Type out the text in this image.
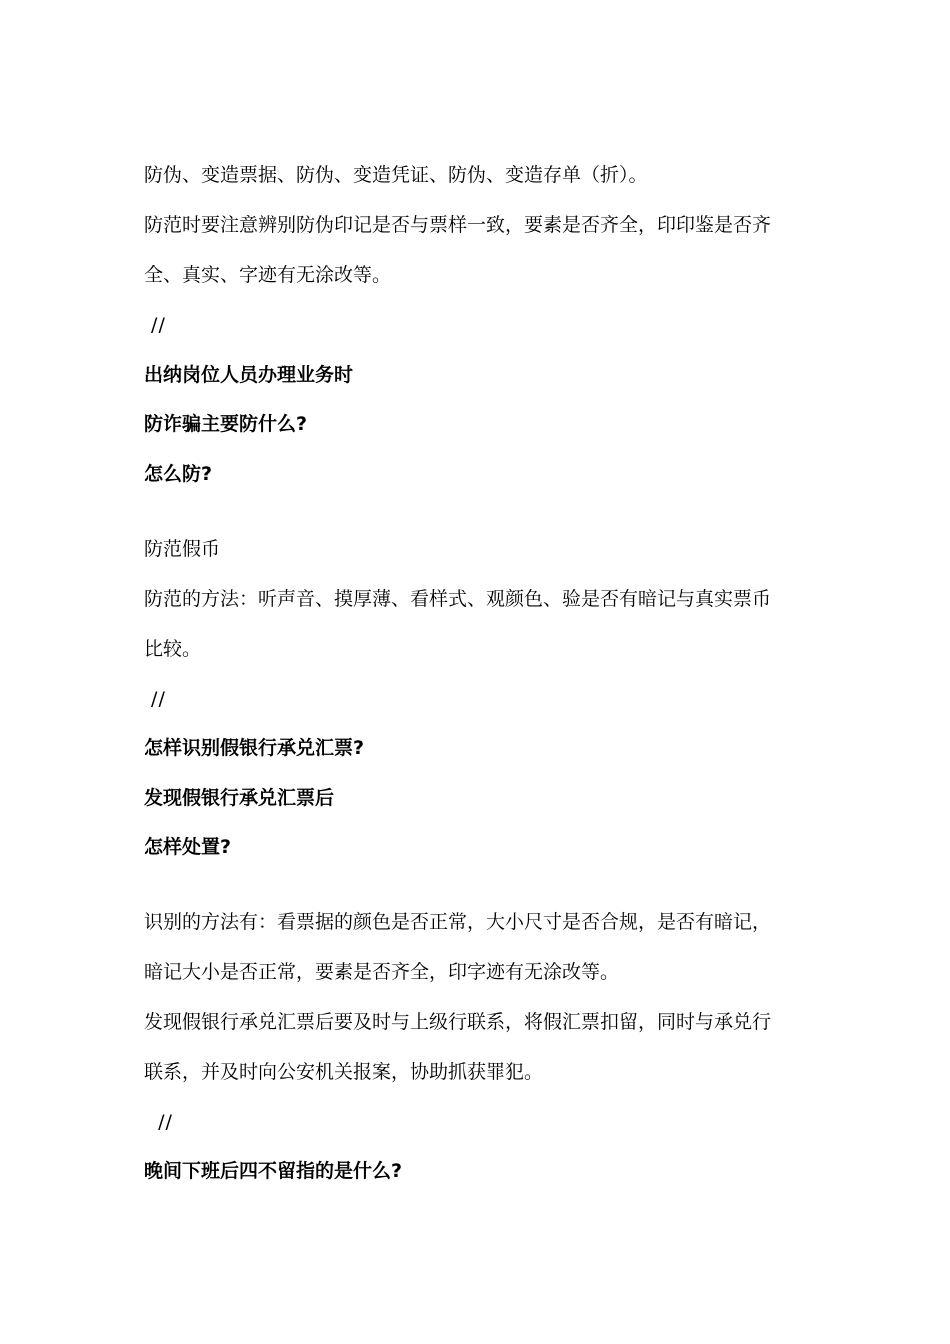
防伪、变造票据、防伪、变造凭证、防伪、变造存单（折）。
防范时要注意辨别防伪印记是否与票样一致，要素是否齐全，印印鉴是否齐
全、真实、字迹有无涂改等。
//
出纳岗位人员办理业务时
防诈骗主要防什么?
怎么防?
防范假币
防范的方法：听声音、摸厚薄、看样式、观颜色、验是否有暗记与真实票币
比较。
//
怎样识别假银行承兑汇票?
发现假银行承兑汇票后
怎样处置?
识别的方法有：看票据的颜色是否正常，大小尺寸是否合规，是否有暗记，
暗记大小是否正常，要素是否齐全，印字迹有无涂改等。
发现假银行承兑汇票后要及时与上级行联系，将假汇票扣留，同时与承兑行
联系，并及时向公安机关报案，协助抓获罪犯。
//
晚间下班后四不留指的是什么?
